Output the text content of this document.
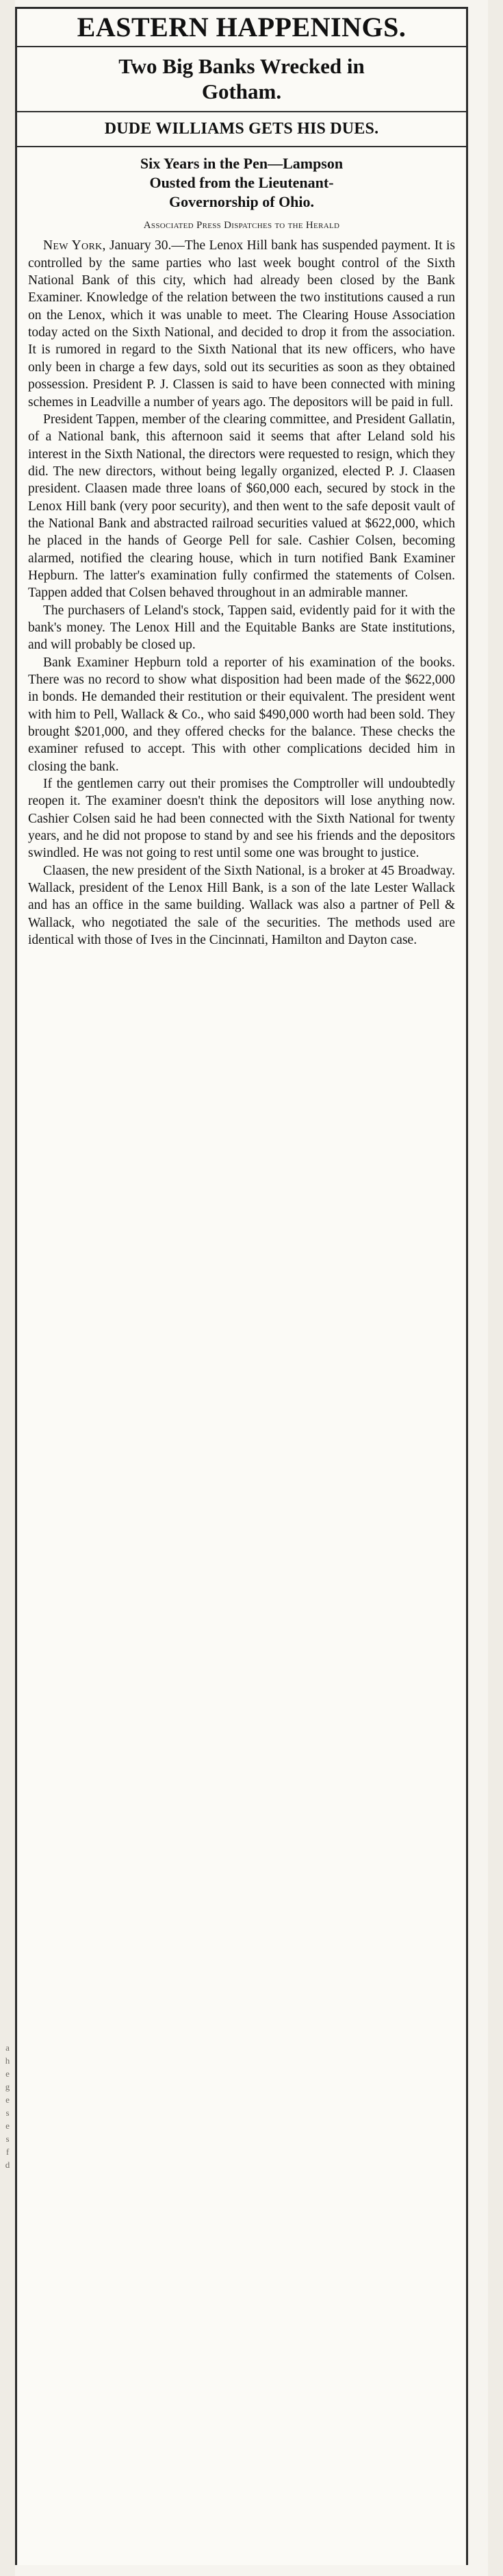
a
h
e
g
e
s
e
s
f
d
EASTERN HAPPENINGS.
Two Big Banks Wrecked in
Gotham.
DUDE WILLIAMS GETS HIS DUES.
Six Years in the Pen—Lampson
Ousted from the Lieutenant-
Governorship of Ohio.
Associated Press Dispatches to the Herald

New York, January 30.—The Lenox Hill bank has suspended payment. It is controlled by the same parties who last week bought control of the Sixth National Bank of this city, which had already been closed by the Bank Examiner. Knowledge of the relation between the two institutions caused a run on the Lenox, which it was unable to meet. The Clearing House Association today acted on the Sixth National, and decided to drop it from the association. It is rumored in regard to the Sixth National that its new officers, who have only been in charge a few days, sold out its securities as soon as they obtained possession. President P. J. Classen is said to have been connected with mining schemes in Leadville a number of years ago. The depositors will be paid in full.

President Tappen, member of the clearing committee, and President Gallatin, of a National bank, this afternoon said it seems that after Leland sold his interest in the Sixth National, the directors were requested to resign, which they did. The new directors, without being legally organized, elected P. J. Claasen president. Claasen made three loans of $60,000 each, secured by stock in the Lenox Hill bank (very poor security), and then went to the safe deposit vault of the National Bank and abstracted railroad securities valued at $622,000, which he placed in the hands of George Pell for sale. Cashier Colsen, becoming alarmed, notified the clearing house, which in turn notified Bank Examiner Hepburn. The latter's examination fully confirmed the statements of Colsen. Tappen added that Colsen behaved throughout in an admirable manner.

The purchasers of Leland's stock, Tappen said, evidently paid for it with the bank's money. The Lenox Hill and the Equitable Banks are State institutions, and will probably be closed up.

Bank Examiner Hepburn told a reporter of his examination of the books. There was no record to show what disposition had been made of the $622,000 in bonds. He demanded their restitution or their equivalent. The president went with him to Pell, Wallack & Co., who said $490,000 worth had been sold. They brought $201,000, and they offered checks for the balance. These checks the examiner refused to accept. This with other complications decided him in closing the bank.

If the gentlemen carry out their promises the Comptroller will undoubtedly reopen it. The examiner doesn't think the depositors will lose anything now. Cashier Colsen said he had been connected with the Sixth National for twenty years, and he did not propose to stand by and see his friends and the depositors swindled. He was not going to rest until some one was brought to justice.

Claasen, the new president of the Sixth National, is a broker at 45 Broadway. Wallack, president of the Lenox Hill Bank, is a son of the late Lester Wallack and has an office in the same building. Wallack was also a partner of Pell & Wallack, who negotiated the sale of the securities. The methods used are identical with those of Ives in the Cincinnati, Hamilton and Dayton case.
